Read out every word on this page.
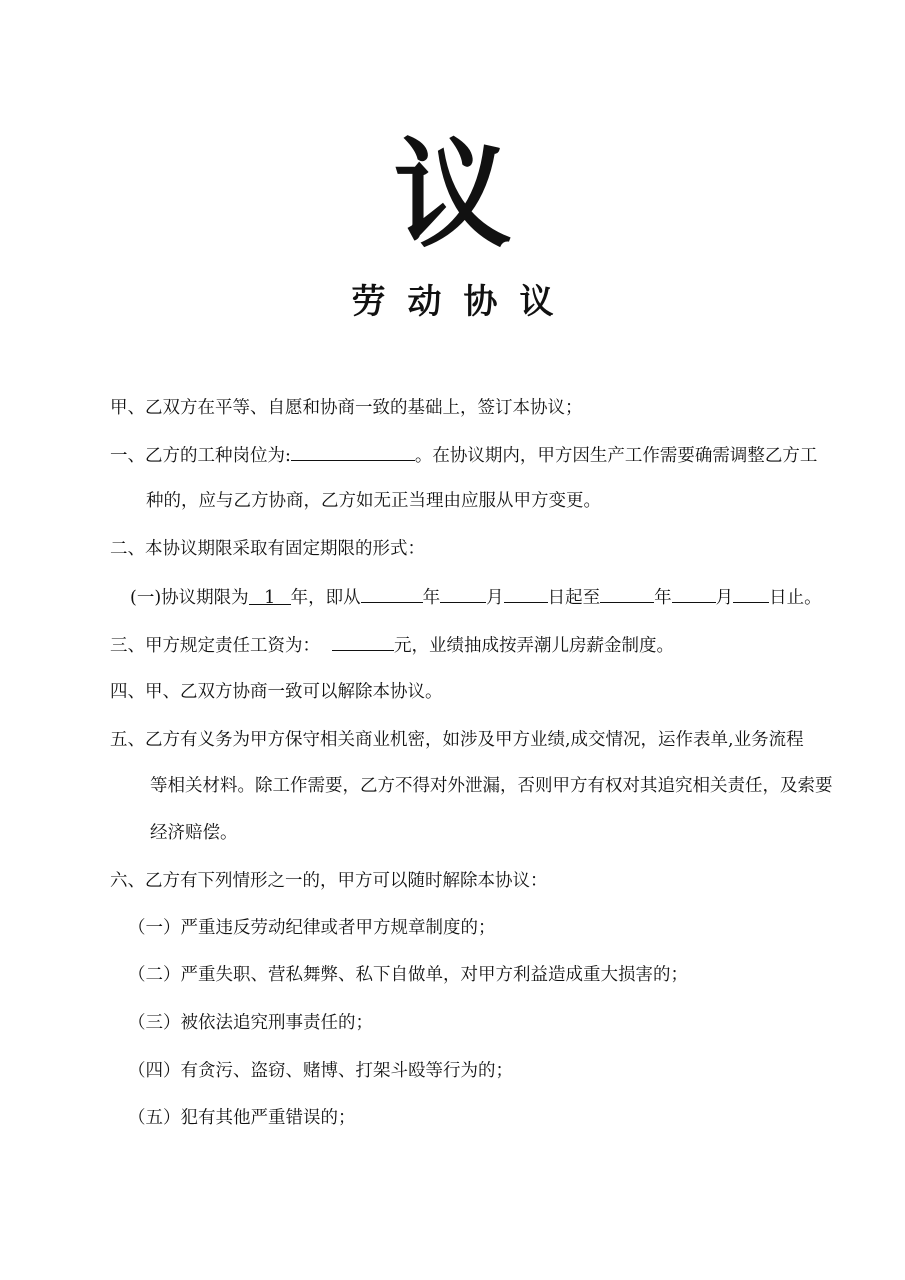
议
劳动协议
甲、乙双方在平等、自愿和协商一致的基础上，签订本协议；
一、乙方的工种岗位为:	。在协议期内，甲方因生产工作需要确需调整乙方工
种的，应与乙方协商，乙方如无正当理由应服从甲方变更。
二、本协议期限采取有固定期限的形式：
(一)协议期限为 1 年，即从	年	月	日起至	年	月 日止。
三、甲方规定责任工资为：	元，业绩抽成按弄潮儿房薪金制度。
四、甲、乙双方协商一致可以解除本协议。
五、乙方有义务为甲方保守相关商业机密，如涉及甲方业绩,成交情况，运作表单,业务流程
等相关材料。除工作需要，乙方不得对外泄漏，否则甲方有权对其追究相关责任，及索要
经济赔偿。
六、乙方有下列情形之一的，甲方可以随时解除本协议：
（一）严重违反劳动纪律或者甲方规章制度的；
（二）严重失职、营私舞弊、私下自做单，对甲方利益造成重大损害的；
（三）被依法追究刑事责任的；
（四）有贪污、盗窃、赌博、打架斗殴等行为的；
（五）犯有其他严重错误的；
